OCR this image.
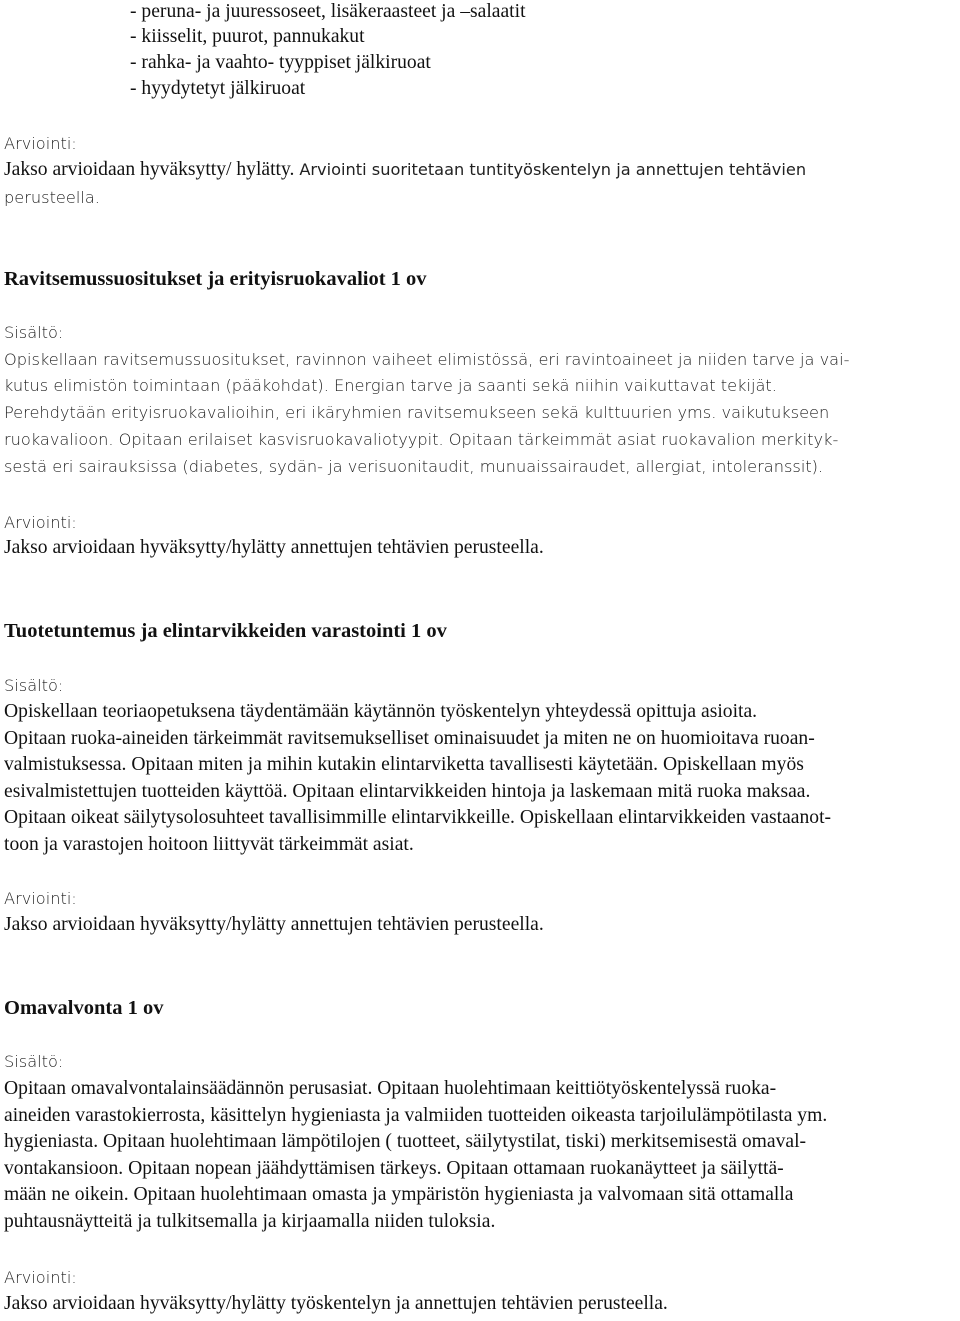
- peruna- ja juuressoseet, lisäkeraasteet ja –salaatit
- kiisselit, puurot, pannukakut
- rahka- ja vaahto- tyyppiset jälkiruoat
- hyydytetyt jälkiruoat
Arviointi:
Jakso arvioidaan hyväksytty/ hylätty. Arviointi suoritetaan tuntityöskentelyn ja annettujen tehtävien
perusteella.
Ravitsemussuositukset ja erityisruokavaliot 1 ov
Sisältö:
Opiskellaan ravitsemussuositukset, ravinnon vaiheet elimistössä, eri ravintoaineet ja niiden tarve ja vai-
kutus elimistön toimintaan (pääkohdat). Energian tarve ja saanti sekä niihin vaikuttavat tekijät.
Perehdytään erityisruokavalioihin, eri ikäryhmien ravitsemukseen sekä kulttuurien yms. vaikutukseen
ruokavalioon. Opitaan erilaiset kasvisruokavaliotyypit. Opitaan tärkeimmät asiat ruokavalion merkityk-
sestä eri sairauksissa (diabetes, sydän- ja verisuonitaudit, munuaissairaudet, allergiat, intoleranssit).
Arviointi:
Jakso arvioidaan hyväksytty/hylätty annettujen tehtävien perusteella.
Tuotetuntemus ja elintarvikkeiden varastointi 1 ov
Sisältö:
Opiskellaan teoriaopetuksena täydentämään käytännön työskentelyn yhteydessä opittuja asioita.
Opitaan ruoka-aineiden tärkeimmät ravitsemukselliset ominaisuudet ja miten ne on huomioitava ruoan-
valmistuksessa. Opitaan miten ja mihin kutakin elintarviketta tavallisesti käytetään. Opiskellaan myös
esivalmistettujen tuotteiden käyttöä. Opitaan elintarvikkeiden hintoja ja laskemaan mitä ruoka maksaa.
Opitaan oikeat säilytysolosuhteet tavallisimmille elintarvikkeille. Opiskellaan elintarvikkeiden vastaanot-
toon ja varastojen hoitoon liittyvät tärkeimmät asiat.
Arviointi:
Jakso arvioidaan hyväksytty/hylätty annettujen tehtävien perusteella.
Omavalvonta 1 ov
Sisältö:
Opitaan omavalvontalainsäädännön perusasiat. Opitaan huolehtimaan keittiötyöskentelyssä ruoka-
aineiden varastokierrosta, käsittelyn hygieniasta ja valmiiden tuotteiden oikeasta tarjoilulämpötilasta ym.
hygieniasta. Opitaan huolehtimaan lämpötilojen ( tuotteet, säilytystilat, tiski) merkitsemisestä omaval-
vontakansioon. Opitaan nopean jäähdyttämisen tärkeys. Opitaan ottamaan ruokanäytteet ja säilyttä-
mään ne oikein. Opitaan huolehtimaan omasta ja ympäristön hygieniasta ja valvomaan sitä ottamalla
puhtausnäytteitä ja tulkitsemalla ja kirjaamalla niiden tuloksia.
Arviointi:
Jakso arvioidaan hyväksytty/hylätty työskentelyn ja annettujen tehtävien perusteella.
